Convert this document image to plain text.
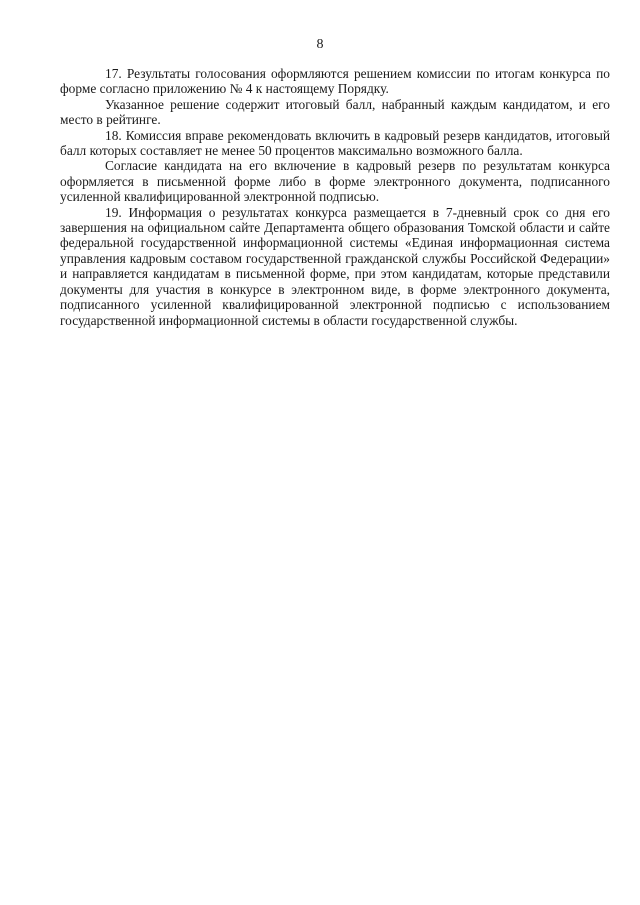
8

17. Результаты голосования оформляются решением комиссии по итогам конкурса по форме согласно приложению № 4 к настоящему Порядку.

Указанное решение содержит итоговый балл, набранный каждым кандидатом, и его место в рейтинге.

18. Комиссия вправе рекомендовать включить в кадровый резерв кандидатов, итоговый балл которых составляет не менее 50 процентов максимально возможного балла.

Согласие кандидата на его включение в кадровый резерв по результатам конкурса оформляется в письменной форме либо в форме электронного документа, подписанного усиленной квалифицированной электронной подписью.

19. Информация о результатах конкурса размещается в 7-дневный срок со дня его завершения на официальном сайте Департамента общего образования Томской области и сайте федеральной государственной информационной системы «Единая информационная система управления кадровым составом государственной гражданской службы Российской Федерации» и направляется кандидатам в письменной форме, при этом кандидатам, которые представили документы для участия в конкурсе в электронном виде, в форме электронного документа, подписанного усиленной квалифицированной электронной подписью с использованием государственной информационной системы в области государственной службы.
